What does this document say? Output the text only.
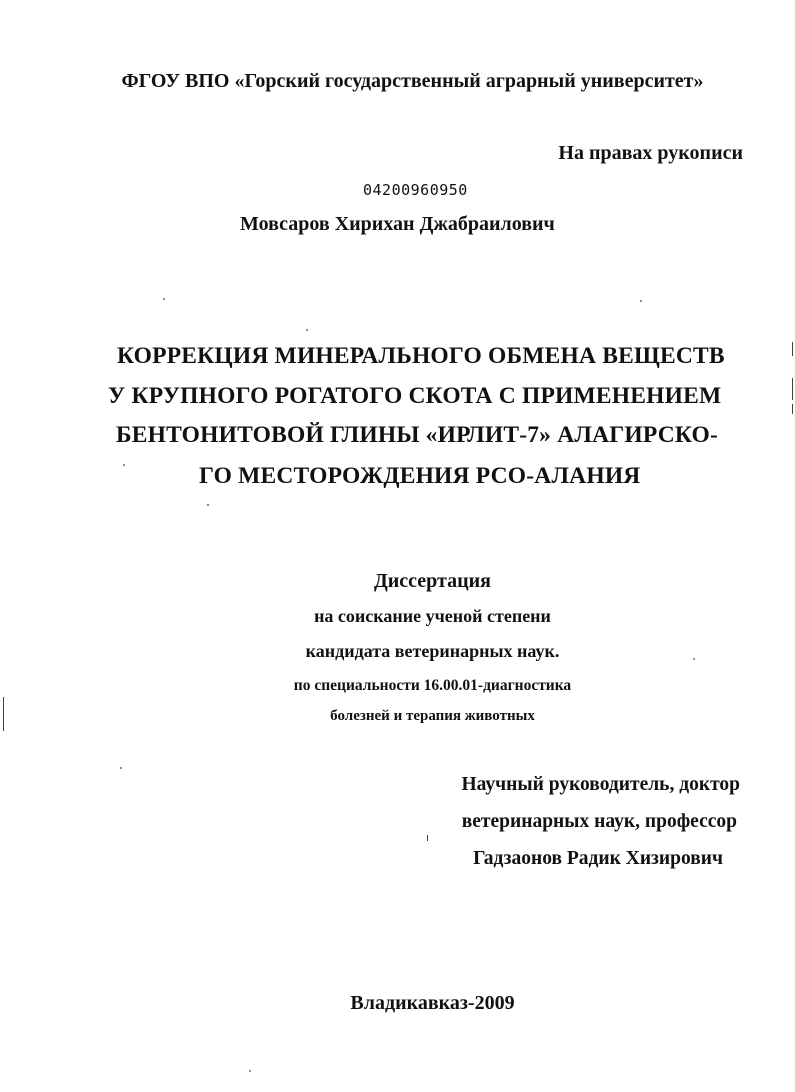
ФГОУ ВПО «Горский государственный аграрный университет»
На правах рукописи
04200960950
Мовсаров Хирихан Джабраилович
КОРРЕКЦИЯ МИНЕРАЛЬНОГО ОБМЕНА ВЕЩЕСТВ
У КРУПНОГО РОГАТОГО СКОТА С ПРИМЕНЕНИЕМ
БЕНТОНИТОВОЙ ГЛИНЫ «ИРЛИТ-7» АЛАГИРСКО-
ГО МЕСТОРОЖДЕНИЯ РСО-АЛАНИЯ
Диссертация
на соискание ученой степени
кандидата ветеринарных наук.
по специальности 16.00.01-диагностика
болезней и терапия животных
Научный руководитель, доктор
ветеринарных наук, профессор
Гадзаонов Радик Хизирович
Владикавказ-2009
